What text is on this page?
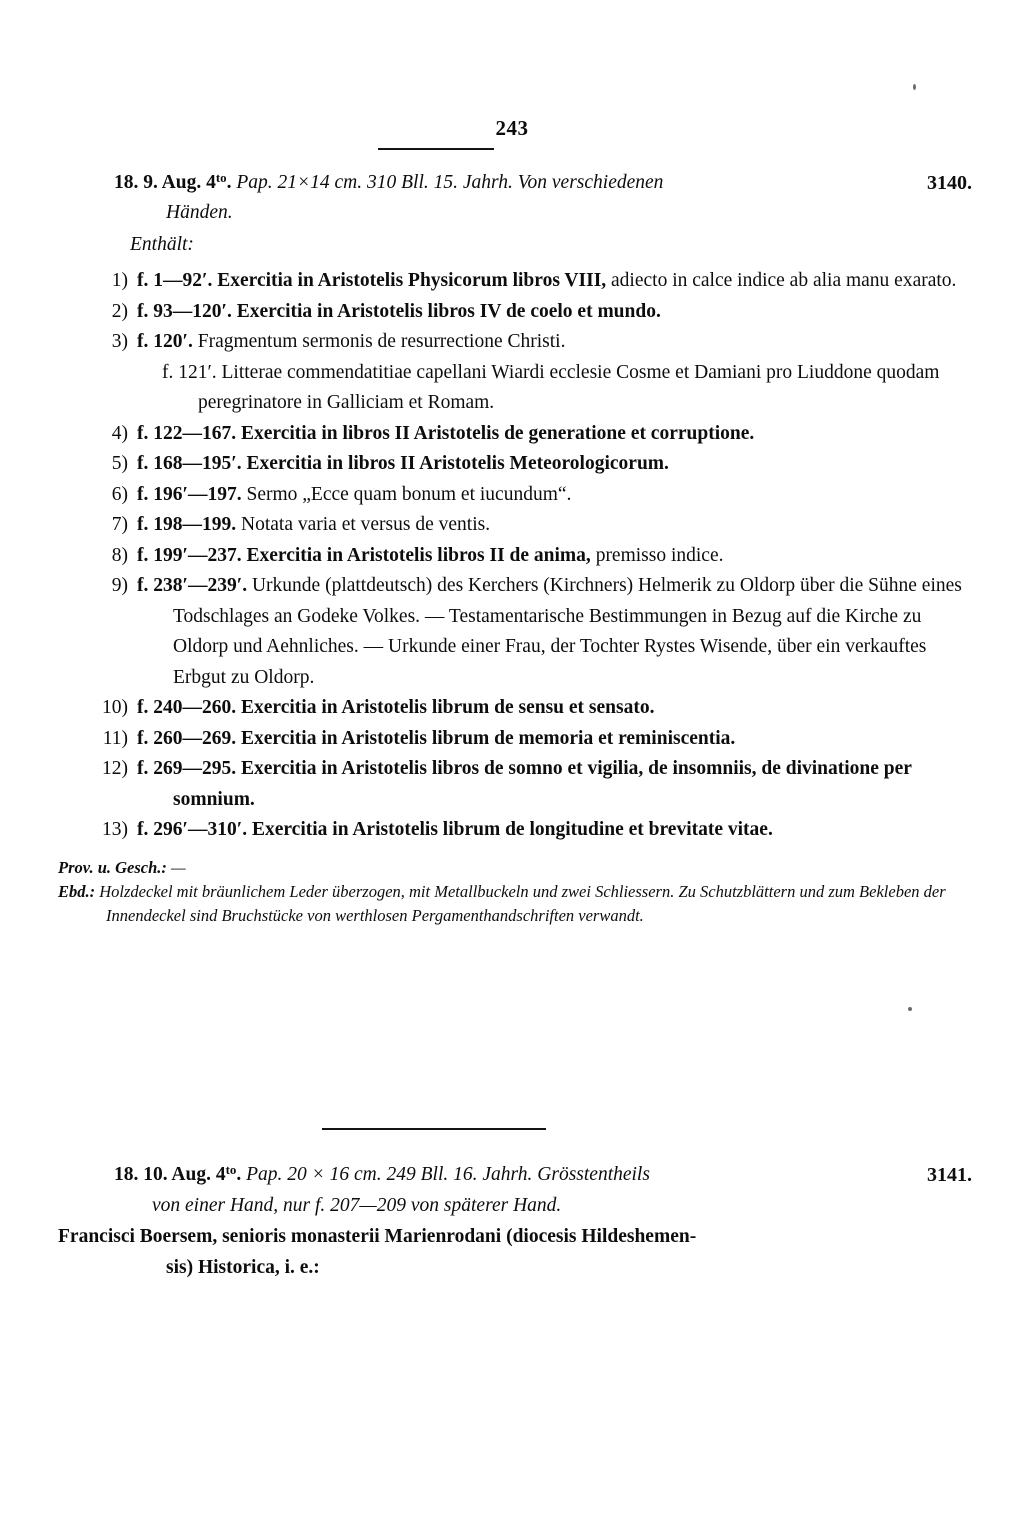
243
18. 9. Aug. $4^{to}$. Pap. 21×14 cm. 310 Bll. 15. Jahrh. Von verschiedenen	3140.
Händen.
Enthält:
1) f. 1—92′. Exercitia in Aristotelis Physicorum libros VIII, adiecto in calce indice ab alia manu exarato.
2) f. 93—120′. Exercitia in Aristotelis libros IV de coelo et mundo.
3) f. 120′. Fragmentum sermonis de resurrectione Christi.
f. 121′. Litterae commendatitiae capellani Wiardi ecclesie Cosme et Damiani pro Liuddone quodam peregrinatore in Galliciam et Romam.
4) f. 122—167. Exercitia in libros II Aristotelis de generatione et corruptione.
5) f. 168—195′. Exercitia in libros II Aristotelis Meteorologicorum.
6) f. 196′—197. Sermo „Ecce quam bonum et iucundum“.
7) f. 198—199. Notata varia et versus de ventis.
8) f. 199′—237. Exercitia in Aristotelis libros II de anima, premisso indice.
9) f. 238′—239′. Urkunde (plattdeutsch) des Kerchers (Kirchners) Helmerik zu Oldorp über die Sühne eines Todschlages an Godeke Volkes. — Testamentarische Bestimmungen in Bezug auf die Kirche zu Oldorp und Aehnliches. — Urkunde einer Frau, der Tochter Rystes Wisende, über ein verkauftes Erbgut zu Oldorp.
10) f. 240—260. Exercitia in Aristotelis librum de sensu et sensato.
11) f. 260—269. Exercitia in Aristotelis librum de memoria et reminiscentia.
12) f. 269—295. Exercitia in Aristotelis libros de somno et vigilia, de insomniis, de divinatione per somnium.
13) f. 296′—310′. Exercitia in Aristotelis librum de longitudine et brevitate vitae.
Prov. u. Gesch.: —
Ebd.: Holzdeckel mit bräunlichem Leder überzogen, mit Metallbuckeln und zwei Schliessern. Zu Schutzblättern und zum Bekleben der Innendeckel sind Bruchstücke von werthlosen Pergamenthandschriften verwandt.
18. 10. Aug. $4^{to}$. Pap. 20 × 16 cm. 249 Bll. 16. Jahrh. Grösstentheils	3141.
von einer Hand, nur f. 207—209 von späterer Hand.
Francisci Boersem, senioris monasterii Marienrodani (diocesis Hildeshemen-
sis) Historica, i. e.:
